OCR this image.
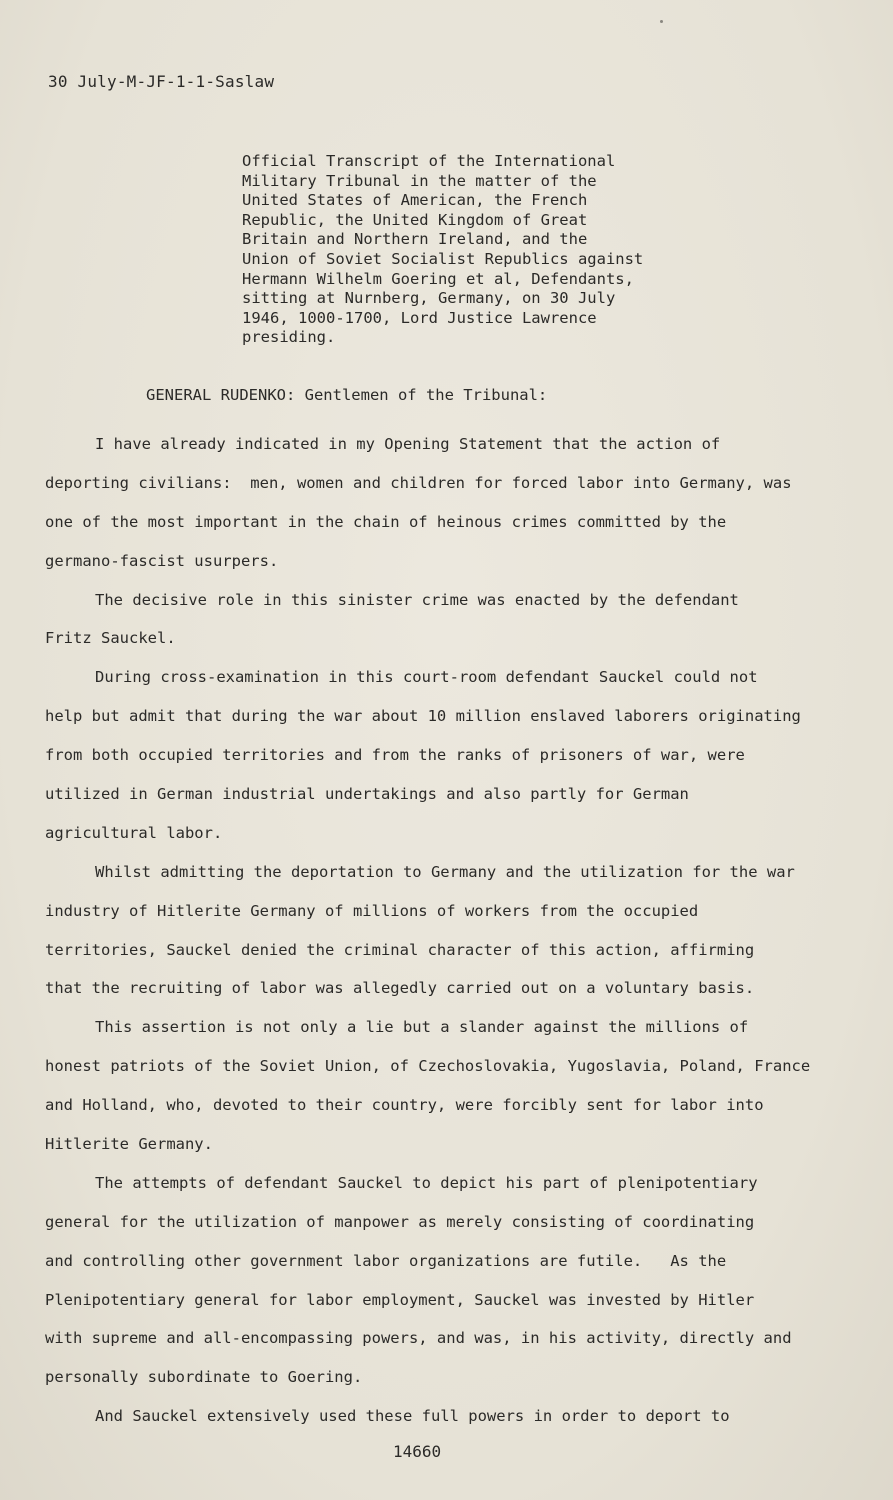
30 July-M-JF-1-1-Saslaw
Official Transcript of the International
Military Tribunal in the matter of the
United States of American, the French
Republic, the United Kingdom of Great
Britain and Northern Ireland, and the
Union of Soviet Socialist Republics against
Hermann Wilhelm Goering et al, Defendants,
sitting at Nurnberg, Germany, on 30 July
1946, 1000-1700, Lord Justice Lawrence
presiding.
GENERAL RUDENKO: Gentlemen of the Tribunal:
I have already indicated in my Opening Statement that the action of
deporting civilians:  men, women and children for forced labor into Germany, was
one of the most important in the chain of heinous crimes committed by the
germano-fascist usurpers.
The decisive role in this sinister crime was enacted by the defendant
Fritz Sauckel.
During cross-examination in this court-room defendant Sauckel could not
help but admit that during the war about 10 million enslaved laborers originating
from both occupied territories and from the ranks of prisoners of war, were
utilized in German industrial undertakings and also partly for German
agricultural labor.
Whilst admitting the deportation to Germany and the utilization for the war
industry of Hitlerite Germany of millions of workers from the occupied
territories, Sauckel denied the criminal character of this action, affirming
that the recruiting of labor was allegedly carried out on a voluntary basis.
This assertion is not only a lie but a slander against the millions of
honest patriots of the Soviet Union, of Czechoslovakia, Yugoslavia, Poland, France
and Holland, who, devoted to their country, were forcibly sent for labor into
Hitlerite Germany.
The attempts of defendant Sauckel to depict his part of plenipotentiary
general for the utilization of manpower as merely consisting of coordinating
and controlling other government labor organizations are futile.   As the
Plenipotentiary general for labor employment, Sauckel was invested by Hitler
with supreme and all-encompassing powers, and was, in his activity, directly and
personally subordinate to Goering.
And Sauckel extensively used these full powers in order to deport to
14660
